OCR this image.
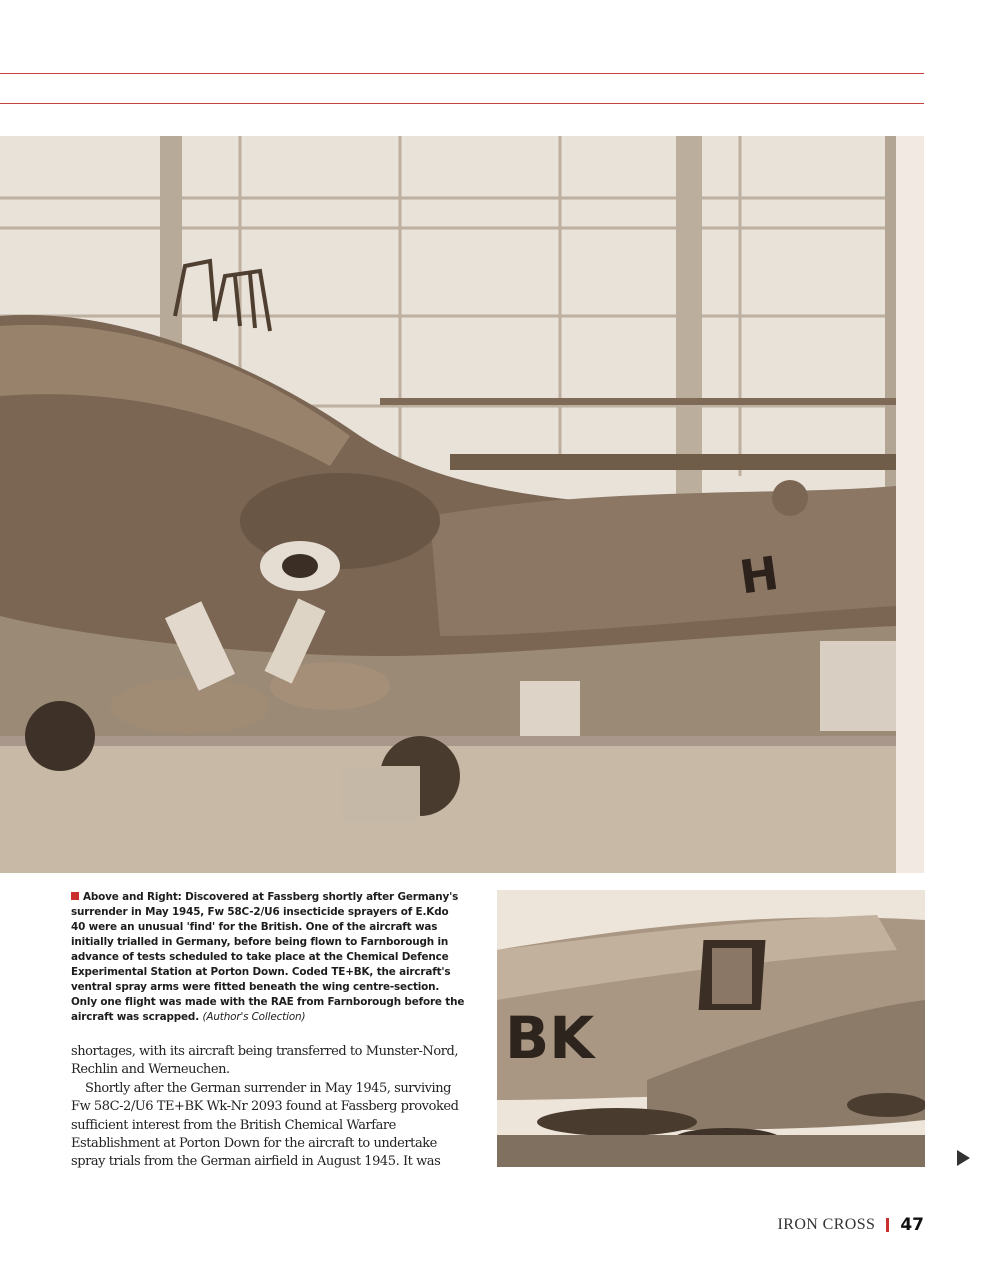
H
Above and Right: Discovered at Fassberg shortly after Germany's surrender in May 1945, Fw 58C-2/U6 insecticide sprayers of E.Kdo 40 were an unusual 'find' for the British. One of the aircraft was initially trialled in Germany, before being flown to Farnborough in advance of tests scheduled to take place at the Chemical Defence Experimental Station at Porton Down. Coded TE+BK, the aircraft's ventral spray arms were fitted beneath the wing centre-section. Only one flight was made with the RAE from Farnborough before the aircraft was scrapped. (Author's Collection)	BK

shortages, with its aircraft being transferred to Munster-Nord, Rechlin and Werneuchen.

Shortly after the German surrender in May 1945, surviving Fw 58C-2/U6 TE+BK Wk-Nr 2093 found at Fassberg provoked sufficient interest from the British Chemical Warfare Establishment at Porton Down for the aircraft to undertake spray trials from the German airfield in August 1945. It was

IRON CROSS 47
